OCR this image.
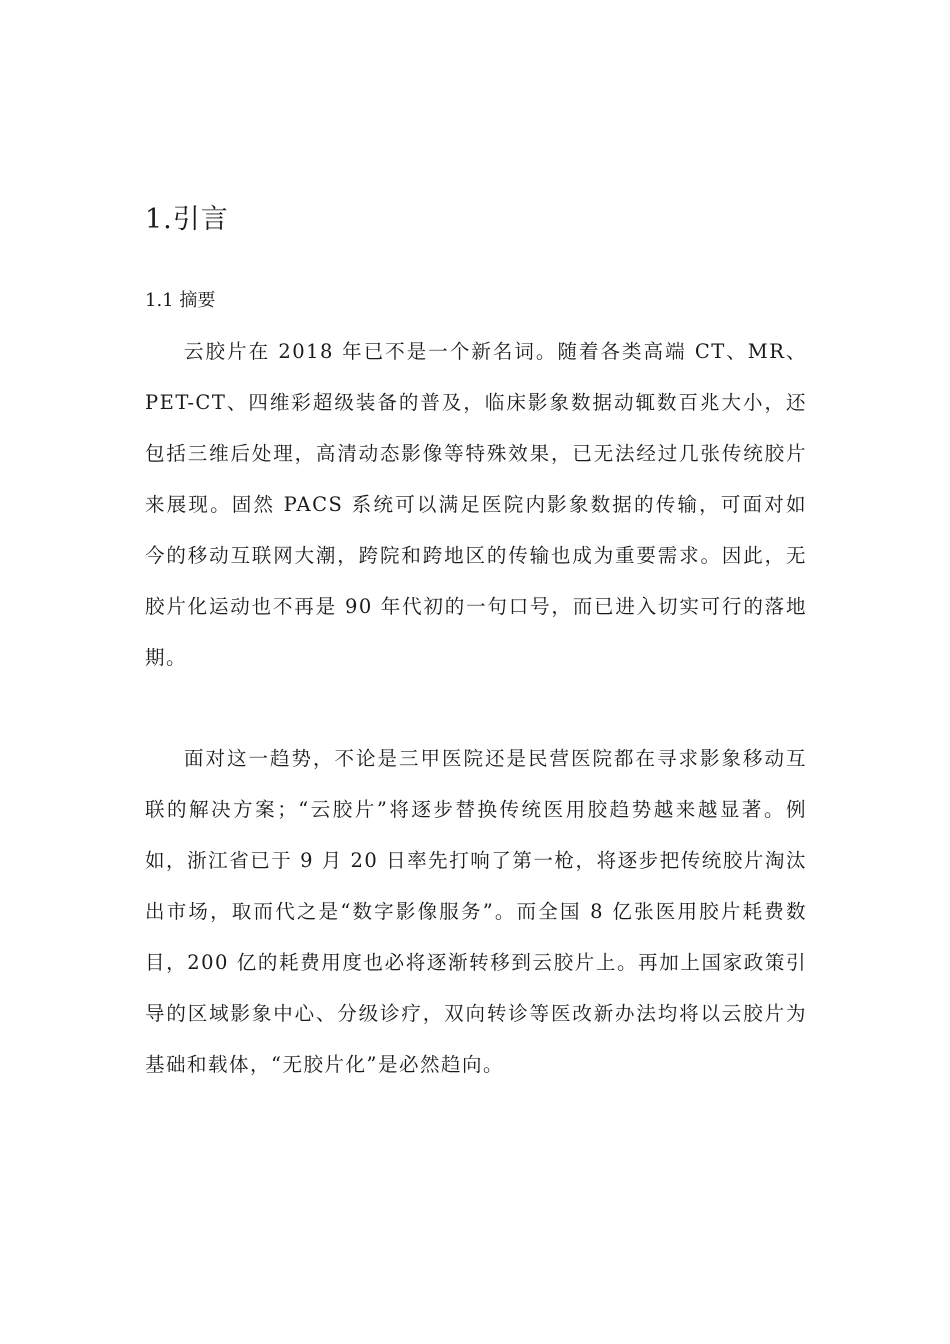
1.引言
1.1 摘要

云胶片在 2018 年已不是一个新名词。随着各类高端 CT、MR、PET-CT、四维彩超级装备的普及，临床影象数据动辄数百兆大小，还包括三维后处理，高清动态影像等特殊效果，已无法经过几张传统胶片来展现。固然 PACS 系统可以满足医院内影象数据的传输，可面对如今的移动互联网大潮，跨院和跨地区的传输也成为重要需求。因此，无胶片化运动也不再是 90 年代初的一句口号，而已进入切实可行的落地期。

面对这一趋势，不论是三甲医院还是民营医院都在寻求影象移动互联的解决方案；“云胶片”将逐步替换传统医用胶趋势越来越显著。例如，浙江省已于 9 月 20 日率先打响了第一枪，将逐步把传统胶片淘汰出市场，取而代之是“数字影像服务”。而全国 8 亿张医用胶片耗费数目，200 亿的耗费用度也必将逐渐转移到云胶片上。再加上国家政策引导的区域影象中心、分级诊疗，双向转诊等医改新办法均将以云胶片为基础和载体，“无胶片化”是必然趋向。
